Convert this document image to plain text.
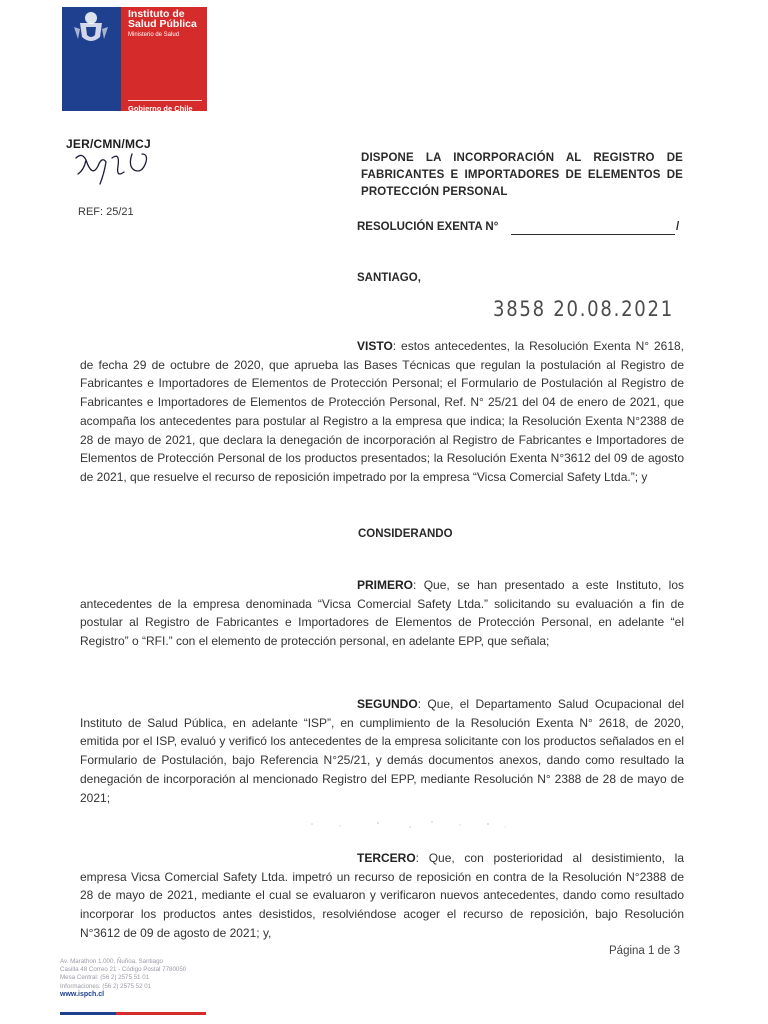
Instituto de
Salud Pública
Ministerio de Salud
Gobierno de Chile
JER/CMN/MCJ
REF: 25/21
DISPONE LA INCORPORACIÓN AL REGISTRO DE FABRICANTES E IMPORTADORES DE ELEMENTOS DE PROTECCIÓN PERSONAL
RESOLUCIÓN EXENTA N°	/
SANTIAGO,
3858 20.08.2021
VISTO: estos antecedentes, la Resolución Exenta N° 2618, de fecha 29 de octubre de 2020, que aprueba las Bases Técnicas que regulan la postulación al Registro de Fabricantes e Importadores de Elementos de Protección Personal; el Formulario de Postulación al Registro de Fabricantes e Importadores de Elementos de Protección Personal, Ref. N° 25/21 del 04 de enero de 2021, que acompaña los antecedentes para postular al Registro a la empresa que indica; la Resolución Exenta N°2388 de 28 de mayo de 2021, que declara la denegación de incorporación al Registro de Fabricantes e Importadores de Elementos de Protección Personal de los productos presentados; la Resolución Exenta N°3612 del 09 de agosto de 2021, que resuelve el recurso de reposición impetrado por la empresa “Vicsa Comercial Safety Ltda.”; y
CONSIDERANDO
PRIMERO: Que, se han presentado a este Instituto, los antecedentes de la empresa denominada “Vicsa Comercial Safety Ltda.” solicitando su evaluación a fin de postular al Registro de Fabricantes e Importadores de Elementos de Protección Personal, en adelante “el Registro” o “RFI.” con el elemento de protección personal, en adelante EPP, que señala;
SEGUNDO: Que, el Departamento Salud Ocupacional del Instituto de Salud Pública, en adelante “ISP”, en cumplimiento de la Resolución Exenta N° 2618, de 2020, emitida por el ISP, evaluó y verificó los antecedentes de la empresa solicitante con los productos señalados en el Formulario de Postulación, bajo Referencia N°25/21, y demás documentos anexos, dando como resultado la denegación de incorporación al mencionado Registro del EPP, mediante Resolución N° 2388 de 28 de mayo de 2021;
TERCERO: Que, con posterioridad al desistimiento, la empresa Vicsa Comercial Safety Ltda. impetró un recurso de reposición en contra de la Resolución N°2388 de 28 de mayo de 2021, mediante el cual se evaluaron y verificaron nuevos antecedentes, dando como resultado incorporar los productos antes desistidos, resolviéndose acoger el recurso de reposición, bajo Resolución N°3612 de 09 de agosto de 2021; y,
Página 1 de 3
Av. Marathon 1.000, Ñuñoa, Santiago
Casilla 48 Correo 21 - Código Postal 7780050
Mesa Central: (56 2) 2575 51 01
Informaciones: (56 2) 2575 52 01
www.ispch.cl
